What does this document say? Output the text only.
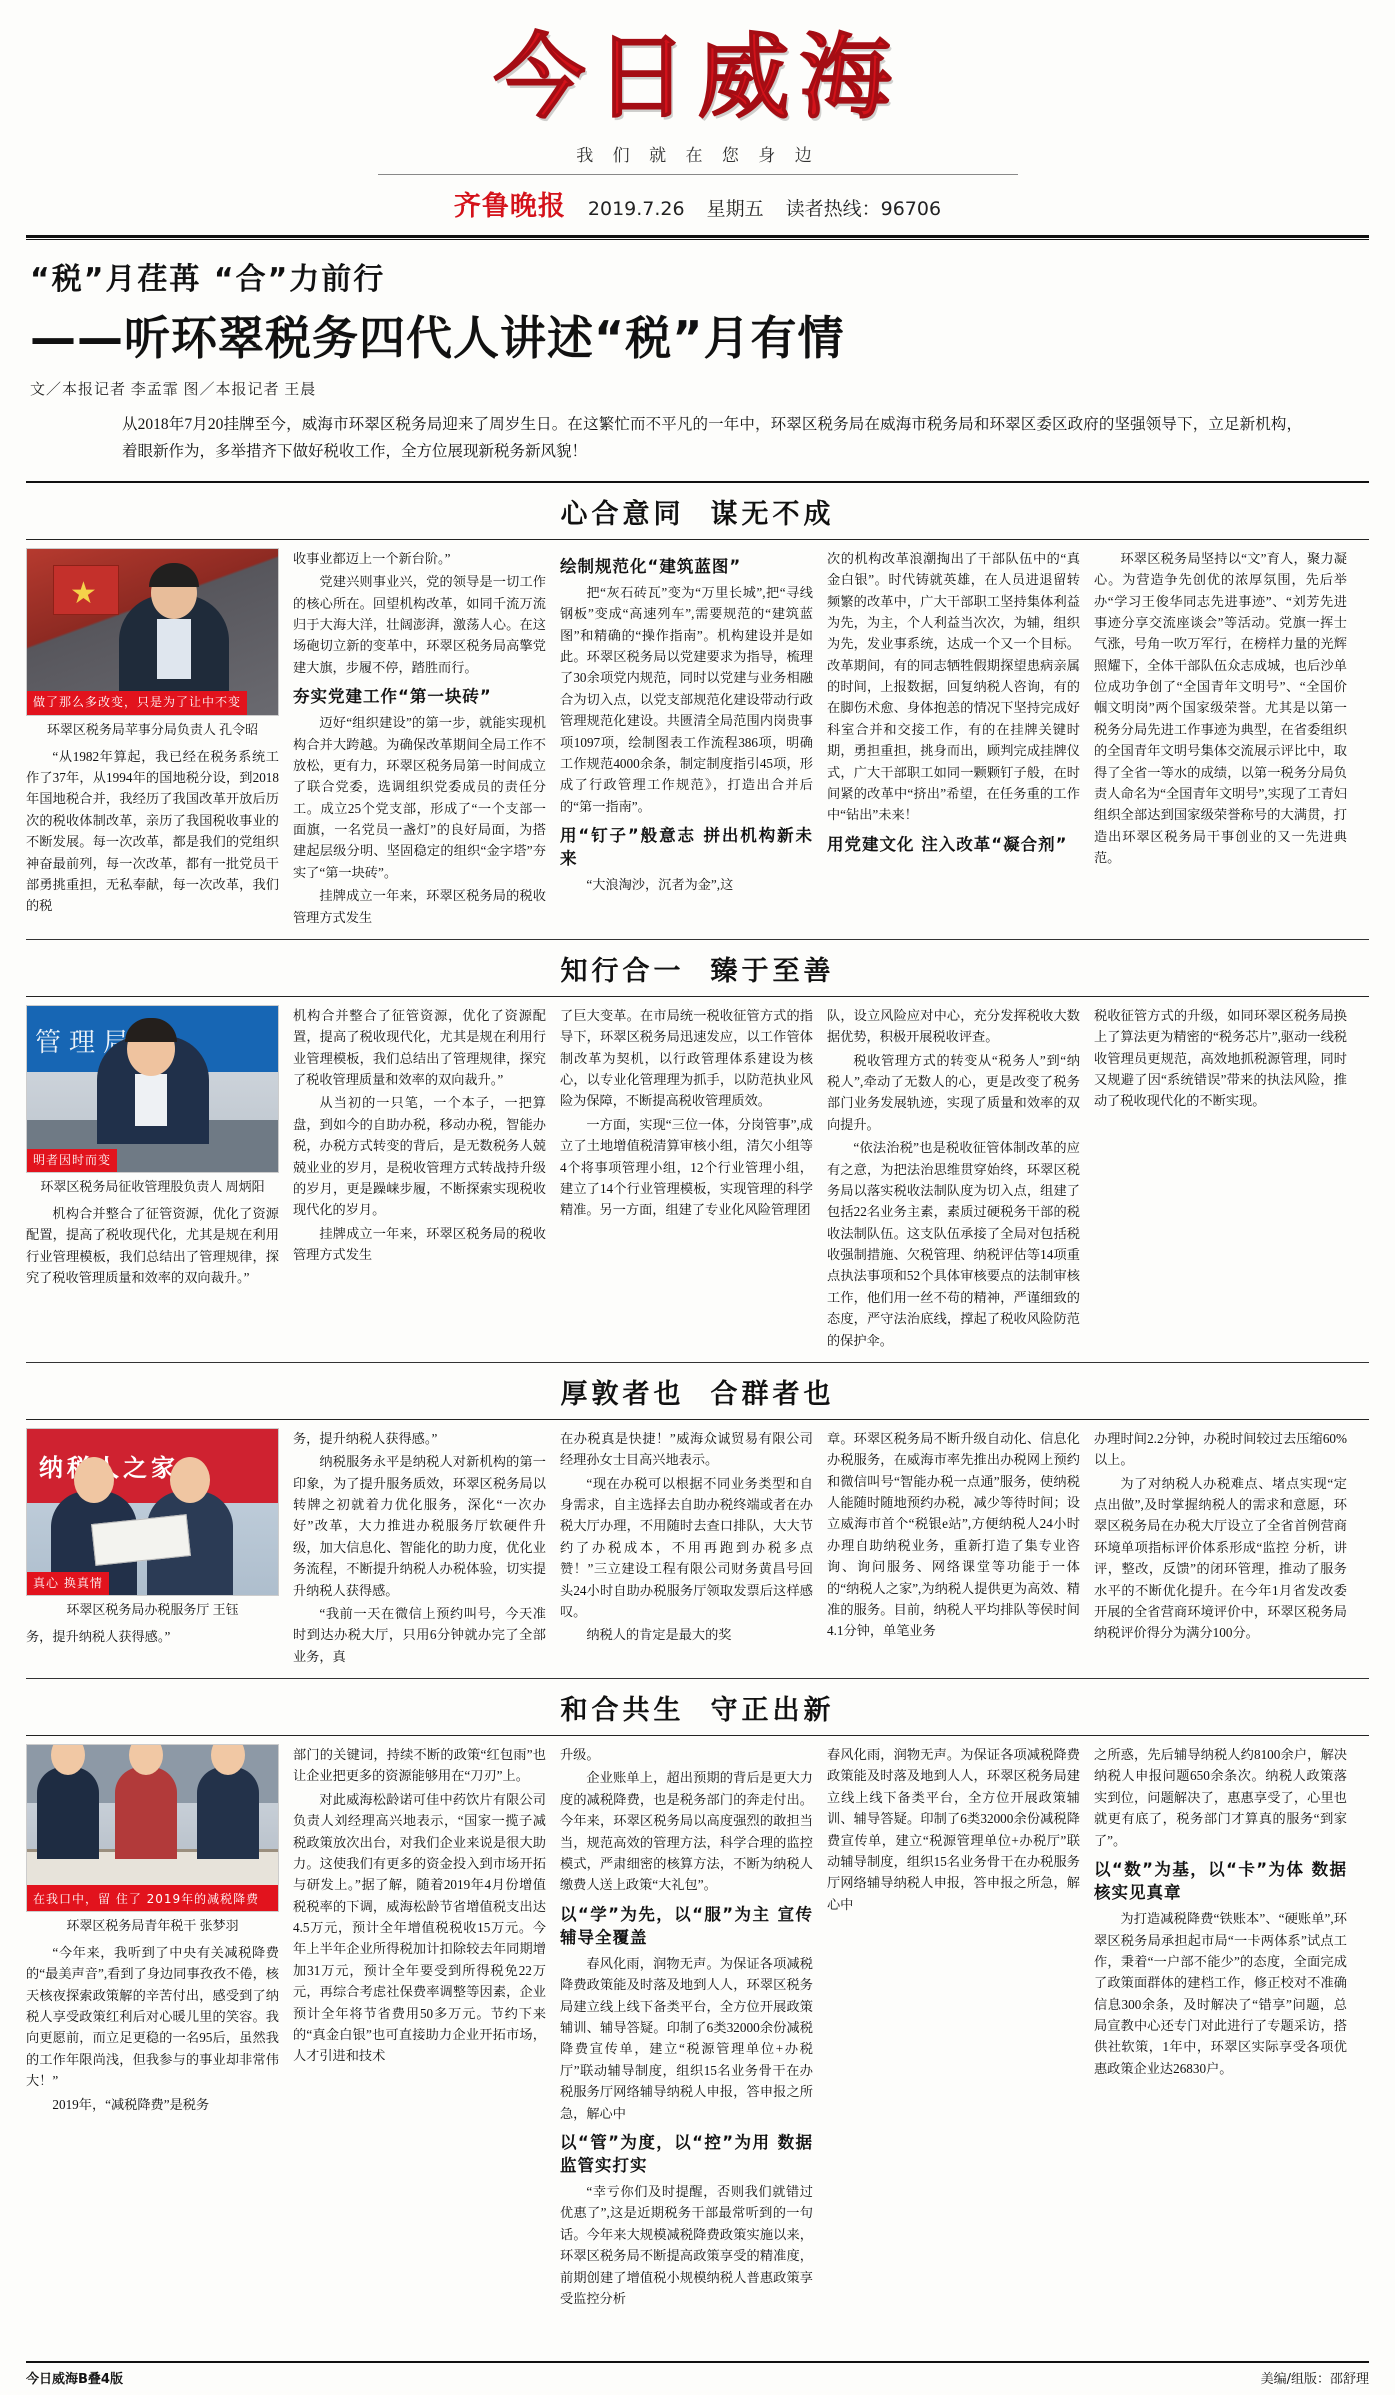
今日威海
我 们 就 在 您 身 边
齐鲁晚报 2019.7.26 星期五 读者热线：96706
“税”月荏苒 “合”力前行
——听环翠税务四代人讲述“税”月有情
文／本报记者 李孟霏 图／本报记者 王晨
从2018年7月20挂牌至今，威海市环翠区税务局迎来了周岁生日。在这繁忙而不平凡的一年中，环翠区税务局在威海市税务局和环翠区委区政府的坚强领导下，立足新机构，着眼新作为，多举措齐下做好税收工作，全方位展现新税务新风貌！
心合意同 谋无不成
★
做了那么多改变，只是为了让中不变
环翠区税务局苹事分局负责人 孔令昭

“从1982年算起，我已经在税务系统工作了37年，从1994年的国地税分设，到2018年国地税合并，我经历了我国改革开放后历次的税收体制改革，亲历了我国税收事业的不断发展。每一次改革，都是我们的党组织神奋最前列，每一次改革，都有一批党员干部勇挑重担，无私奉献，每一次改革，我们的税

收事业都迈上一个新台阶。”

党建兴则事业兴，党的领导是一切工作的核心所在。回望机构改革，如同千流万流归于大海大洋，壮阔澎湃，激荡人心。在这场砲切立新的变革中，环翠区税务局高擎党建大旗，步履不停，踏胜而行。

夯实党建工作“第一块砖”

迈好“组织建设”的第一步，就能实现机构合并大跨越。为确保改革期间全局工作不放松，更有力，环翠区税务局第一时间成立了联合党委，选调组织党委成员的责任分工。成立25个党支部，形成了“一个支部一面旗，一名党员一盏灯”的良好局面，为搭建起层级分明、坚固稳定的组织“金字塔”夯实了“第一块砖”。

挂牌成立一年来，环翠区税务局的税收管理方式发生

绘制规范化“建筑蓝图”

把“灰石砖瓦”变为“万里长城”,把“寻线钢板”变成“高速列车”,需要规范的“建筑蓝图”和精确的“操作指南”。机构建设并是如此。环翠区税务局以党建要求为指导，梳理了30余项党内规范，同时以党建与业务相融合为切入点，以党支部规范化建设带动行政管理规范化建设。共匮清全局范围内岗贵事项1097项，绘制图表工作流程386项，明确工作规范4000余条，制定制度指引45项，形成了行政管理工作规范》，打造出合并后的“第一指南”。

用“钉子”般意志 拼出机构新未来

“大浪淘沙，沉者为金”,这

次的机构改革浪潮掏出了干部队伍中的“真金白银”。时代铸就英雄，在人员进退留转频繁的改革中，广大干部职工坚持集体利益为先，为主，个人利益当次次，为辅，组织为先，发业事系统，达成一个又一个目标。改革期间，有的同志牺牲假期探望患病亲属的时间，上报数据，回复纳税人咨询，有的在脚伤术愈、身体抱恙的情况下坚持完成好科室合并和交接工作，有的在挂牌关键时期，勇担重担，挑身而出，顾判完成挂牌仪式，广大干部职工如同一颗颗钉子般，在时间紧的改革中“挤出”希望，在任务重的工作中“钻出”未来！

用党建文化 注入改革“凝合剂”

环翠区税务局坚持以“文”育人，聚力凝心。为营造争先创优的浓厚氛围，先后举办“学习王俊华同志先进事迹”、“刘芳先进事迹分享交流座谈会”等活动。党旗一挥士气涨，号角一吹万军行，在榜样力量的光辉照耀下，全体干部队伍众志成城，也后沙单位成功争创了“全国青年文明号”、“全国价帼文明岗”两个国家级荣誉。尤其是以第一税务分局先进工作事迹为典型，在省委组织的全国青年文明号集体交流展示评比中，取得了全省一等水的成绩，以第一税务分局负责人命名为“全国青年文明号”,实现了工青妇组织全部达到国家级荣誉称号的大满贯，打造出环翠区税务局干事创业的又一先进典范。

知行合一 臻于至善
管理局
明者因时而变
环翠区税务局征收管理股负责人 周炳阳

机构合并整合了征管资源，优化了资源配置，提高了税收现代化，尤其是规在利用行业管理模板，我们总结出了管理规律，探究了税收管理质量和效率的双向裁升。”

机构合并整合了征管资源，优化了资源配置，提高了税收现代化，尤其是规在利用行业管理模板，我们总结出了管理规律，探究了税收管理质量和效率的双向裁升。”

从当初的一只笔，一个本子，一把算盘，到如今的自助办税，移动办税，智能办税，办税方式转变的背后，是无数税务人兢兢业业的岁月，是税收管理方式转战持升级的岁月，更是躁崃步履，不断探索实现税收现代化的岁月。

挂牌成立一年来，环翠区税务局的税收管理方式发生

了巨大变革。在市局统一税收征管方式的指导下，环翠区税务局迅速发应，以工作管体制改革为契机，以行政管理体系建设为核心，以专业化管理理为抓手，以防范执业风险为保障，不断提高税收管理质效。

一方面，实现“三位一体，分岗管事”,成立了土地增值税清算审核小组，清欠小组等4个将事项管理小组，12个行业管理小组，建立了14个行业管理模板，实现管理的科学精准。另一方面，组建了专业化风险管理团

队，设立风险应对中心，充分发挥税收大数据优势，积极开展税收评查。

税收管理方式的转变从“税务人”到“纳税人”,牵动了无数人的心，更是改变了税务部门业务发展轨迹，实现了质量和效率的双向提升。

“依法治税”也是税收征管体制改革的应有之意，为把法治思维贯穿始终，环翠区税务局以落实税收法制队度为切入点，组建了包括22名业务主素，素质过硬税务干部的税收法制队伍。这支队伍承接了全局对包括税收强制措施、欠税管理、纳税评估等14项重点执法事项和52个具体审核要点的法制审核工作，他们用一丝不苟的精神，严谨细致的态度，严守法治底线，撑起了税收风险防范的保护伞。

税收征管方式的升级，如同环翠区税务局换上了算法更为精密的“税务芯片”,驱动一线税收管理员更规范，高效地抓税源管理，同时又规避了因“系统错误”带来的执法风险，推动了税收现代化的不断实现。

厚敦者也 合群者也
纳税人之家
真心 换真情
环翠区税务局办税服务厅 王钰

务，提升纳税人获得感。”

务，提升纳税人获得感。”

纳税服务永平是纳税人对新机构的第一印象，为了提升服务质效，环翠区税务局以转牌之初就着力优化服务，深化“一次办好”改革，大力推进办税服务厅软硬件升级，加大信息化、智能化的助力度，优化业务流程，不断提升纳税人办税体验，切实提升纳税人获得感。

“我前一天在微信上预约叫号，今天准时到达办税大厅，只用6分钟就办完了全部业务，真

在办税真是快捷！”威海众诚贸易有限公司经理孙女士目高兴地表示。

“现在办税可以根据不同业务类型和自身需求，自主选择去自助办税终端或者在办税大厅办理，不用随时去查口排队，大大节约了办税成本，不用再跑到办税多点赞！”三立建设工程有限公司财务黄昌号回头24小时自助办税服务厅领取发票后这样感叹。

纳税人的肯定是最大的奖

章。环翠区税务局不断升级自动化、信息化办税服务，在威海市率先推出办税网上预约和微信叫号“智能办税一点通”服务，使纳税人能随时随地预约办税，减少等待时间；设立威海市首个“税银e站”,方便纳税人24小时办理自助纳税业务，重新打造了集专业咨询、询问服务、网络课堂等功能于一体的“纳税人之家”,为纳税人提供更为高效、精准的服务。目前，纳税人平均排队等侯时间4.1分钟，单笔业务

办理时间2.2分钟，办税时间较过去压缩60%以上。

为了对纳税人办税难点、堵点实现“定点出做”,及时掌握纳税人的需求和意愿，环翠区税务局在办税大厅设立了全省首例营商环境单项指标评价体系形成“监控 分析，讲评，整改，反馈”的闭环管理，推动了服务水平的不断优化提升。在今年1月省发改委开展的全省营商环境评价中，环翠区税务局纳税评价得分为满分100分。

和合共生 守正出新
在我口中，留 住了 2019年的减税降费
环翠区税务局青年税干 张梦羽

“今年来，我听到了中央有关减税降费的“最美声音”,看到了身边同事孜孜不倦，核天核夜探索政策解的辛苦付出，感受到了纳税人享受政策红利后对心暖儿里的笑容。我向更愿前，而立足更稳的一名95后，虽然我的工作年限尚浅，但我参与的事业却非常伟大！”

2019年，“减税降费”是税务

部门的关键词，持续不断的政策“红包雨”也让企业把更多的资源能够用在“刀刃”上。

对此威海松龄诺可佳中药饮片有限公司负责人刘经理高兴地表示，“国家一揽子减税政策放次出台，对我们企业来说是很大助力。这使我们有更多的资金投入到市场开拓与研发上。”据了解，随着2019年4月份增值税税率的下调，威海松龄节省增值税支出达4.5万元，预计全年增值税税收15万元。今年上半年企业所得税加计扣除较去年同期增加31万元，预计全年要受到所得税免22万元，再综合考虑社保费率调整等因素，企业预计全年将节省费用50多万元。节约下来的“真金白银”也可直接助力企业开拓市场，人才引进和技术

升级。

企业账单上，超出预期的背后是更大力度的减税降费，也是税务部门的奔走付出。今年来，环翠区税务局以高度强烈的敢担当当，规范高效的管理方法，科学合理的监控模式，严肃细密的核算方法，不断为纳税人缴费人送上政策“大礼包”。

以“学”为先，以“服”为主 宣传辅导全覆盖

春风化雨，润物无声。为保证各项减税降费政策能及时落及地到人人，环翠区税务局建立线上线下备类平台，全方位开展政策辅训、辅导答疑。印制了6类32000余份减税降费宣传单，建立“税源管理单位+办税厅”联动辅导制度，组织15名业务骨干在办税服务厅网络辅导纳税人申报，答申报之所急，解心中

以“管”为度，以“控”为用 数据监管实打实

“幸亏你们及时提醒，否则我们就错过优惠了”,这是近期税务干部最常听到的一句话。今年来大规模减税降费政策实施以来，环翠区税务局不断提高政策享受的精准度，前期创建了增值税小规模纳税人普惠政策享受监控分析

春风化雨，润物无声。为保证各项减税降费政策能及时落及地到人人，环翠区税务局建立线上线下备类平台，全方位开展政策辅训、辅导答疑。印制了6类32000余份减税降费宣传单，建立“税源管理单位+办税厅”联动辅导制度，组织15名业务骨干在办税服务厅网络辅导纳税人申报，答申报之所急，解心中

之所惑，先后辅导纳税人约8100余户，解决纳税人申报问题650余条次。纳税人政策落实到位，问题解决了，惠惠享受了，心里也就更有底了，税务部门才算真的服务“到家了”。

以“数”为基，以“卡”为体 数据核实见真章

为打造减税降费“铁账本”、“硬账单”,环翠区税务局承担起市局“一卡两体系”试点工作，秉着“一户部不能少”的态度，全面完成了政策面群体的建档工作，修正校对不准确信息300余条，及时解决了“错享”问题，总局宣教中心还专门对此进行了专题采访，搭供社软策，1年中，环翠区实际享受各项优惠政策企业达26830户。

今日威海B叠4版	美编/组版：邵舒理
